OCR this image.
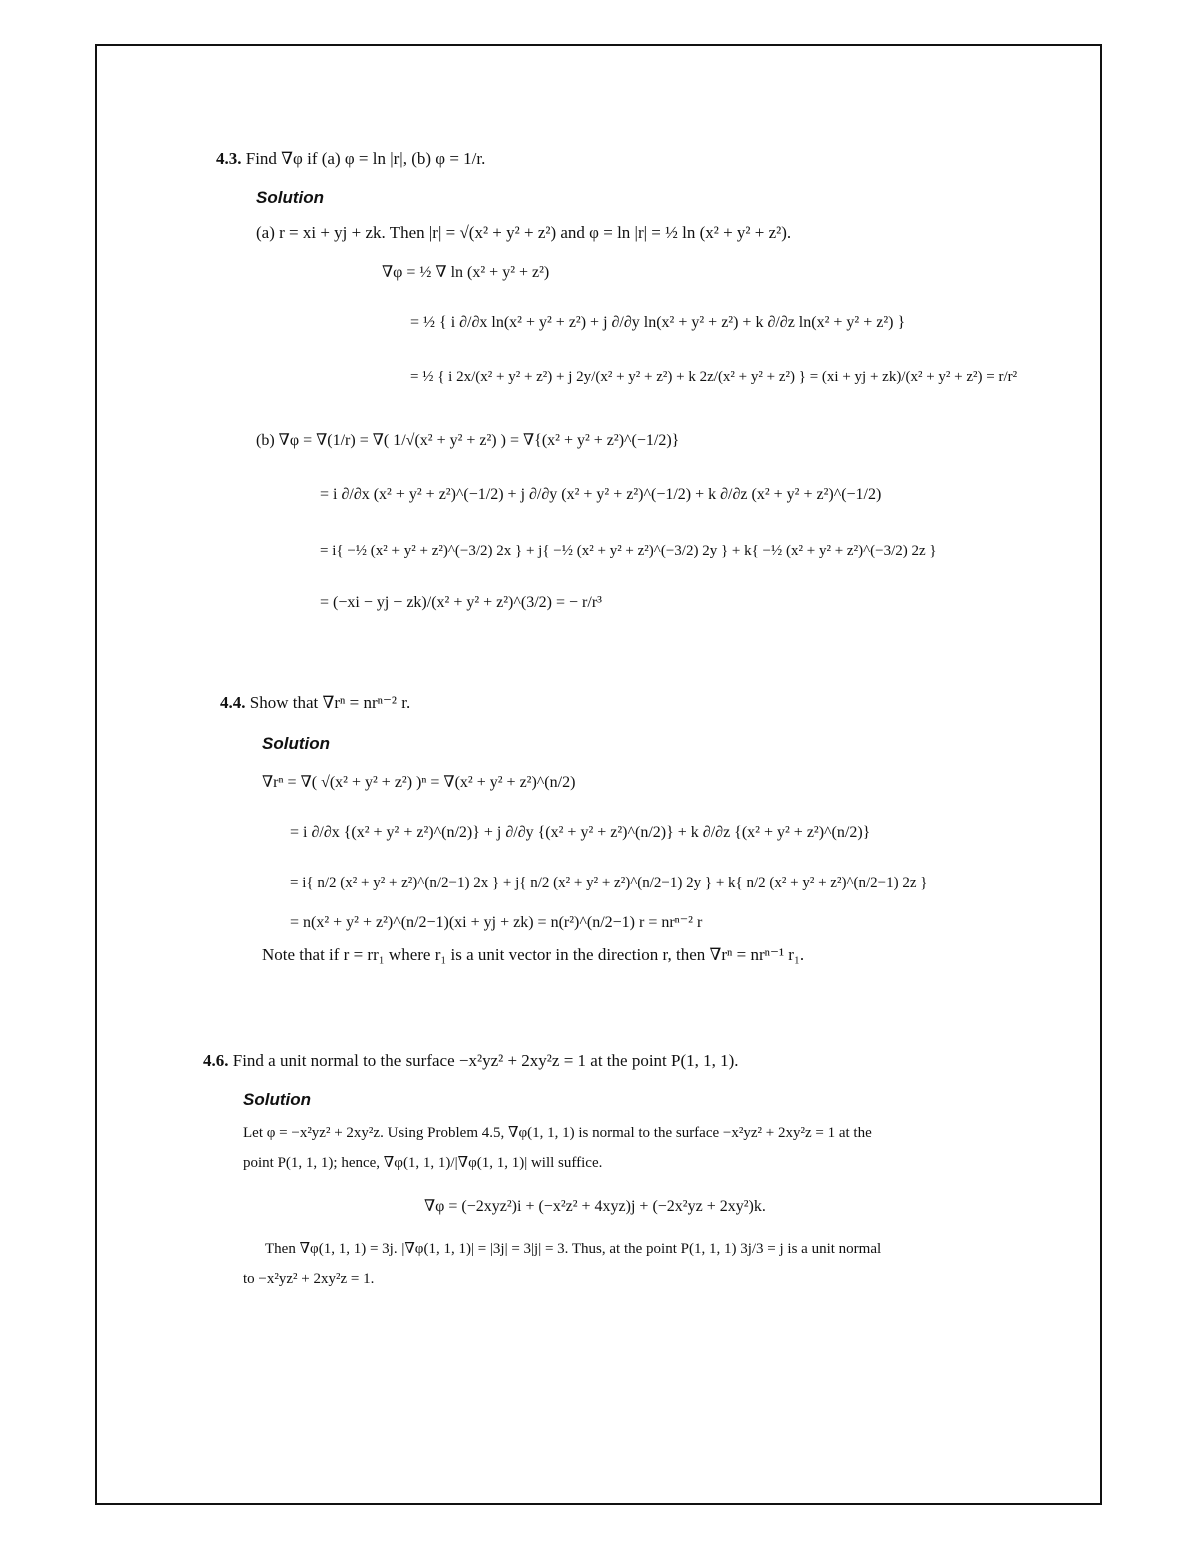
4.3. Find ∇φ if (a) φ = ln |r|, (b) φ = 1/r.
Solution
(a) r = xi + yj + zk. Then |r| = √(x² + y² + z²) and φ = ln |r| = ½ ln (x² + y² + z²).
∇φ = ½ ∇ ln (x² + y² + z²)
= ½ { i ∂/∂x ln(x² + y² + z²) + j ∂/∂y ln(x² + y² + z²) + k ∂/∂z ln(x² + y² + z²) }
= ½ { i 2x/(x² + y² + z²) + j 2y/(x² + y² + z²) + k 2z/(x² + y² + z²) } = (xi + yj + zk)/(x² + y² + z²) = r/r²
(b) ∇φ = ∇(1/r) = ∇( 1/√(x² + y² + z²) ) = ∇{(x² + y² + z²)^(−1/2)}
= i ∂/∂x (x² + y² + z²)^(−1/2) + j ∂/∂y (x² + y² + z²)^(−1/2) + k ∂/∂z (x² + y² + z²)^(−1/2)
= i{ −½ (x² + y² + z²)^(−3/2) 2x } + j{ −½ (x² + y² + z²)^(−3/2) 2y } + k{ −½ (x² + y² + z²)^(−3/2) 2z }
= (−xi − yj − zk)/(x² + y² + z²)^(3/2) = − r/r³
4.4. Show that ∇rⁿ = nrⁿ⁻² r.
Solution
∇rⁿ = ∇( √(x² + y² + z²) )ⁿ = ∇(x² + y² + z²)^(n/2)
= i ∂/∂x {(x² + y² + z²)^(n/2)} + j ∂/∂y {(x² + y² + z²)^(n/2)} + k ∂/∂z {(x² + y² + z²)^(n/2)}
= i{ n/2 (x² + y² + z²)^(n/2−1) 2x } + j{ n/2 (x² + y² + z²)^(n/2−1) 2y } + k{ n/2 (x² + y² + z²)^(n/2−1) 2z }
= n(x² + y² + z²)^(n/2−1)(xi + yj + zk) = n(r²)^(n/2−1) r = nrⁿ⁻² r
Note that if r = rr₁ where r₁ is a unit vector in the direction r, then ∇rⁿ = nrⁿ⁻¹ r₁.
4.6. Find a unit normal to the surface −x²yz² + 2xy²z = 1 at the point P(1, 1, 1).
Solution
Let φ = −x²yz² + 2xy²z. Using Problem 4.5, ∇φ(1, 1, 1) is normal to the surface −x²yz² + 2xy²z = 1 at the
point P(1, 1, 1); hence, ∇φ(1, 1, 1)/|∇φ(1, 1, 1)| will suffice.
∇φ = (−2xyz²)i + (−x²z² + 4xyz)j + (−2x²yz + 2xy²)k.
Then ∇φ(1, 1, 1) = 3j. |∇φ(1, 1, 1)| = |3j| = 3|j| = 3. Thus, at the point P(1, 1, 1) 3j/3 = j is a unit normal
to −x²yz² + 2xy²z = 1.
